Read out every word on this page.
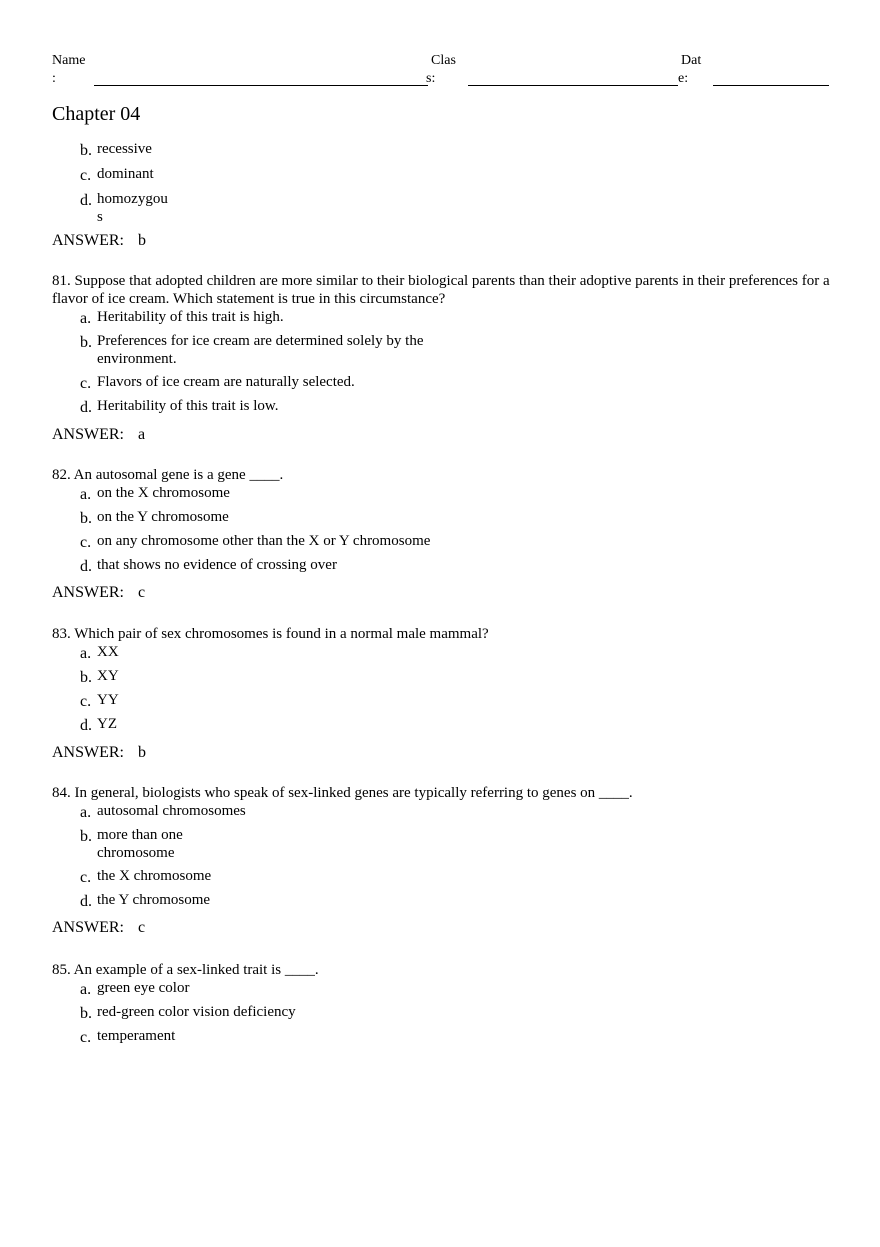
Name
:
Clas
s:
Dat
e:
Chapter 04
b. recessive
c. dominant
d. homozygou s
ANSWER: b

81. Suppose that adopted children are more similar to their biological parents than their adoptive parents in their preferences for a flavor of ice cream. Which statement is true in this circumstance?

a. Heritability of this trait is high.
b. Preferences for ice cream are determined solely by the environment.
c. Flavors of ice cream are naturally selected.
d. Heritability of this trait is low.
ANSWER: a

82. An autosomal gene is a gene ____.

a. on the X chromosome
b. on the Y chromosome
c. on any chromosome other than the X or Y chromosome
d. that shows no evidence of crossing over
ANSWER: c

83. Which pair of sex chromosomes is found in a normal male mammal?

a. XX
b. XY
c. YY
d. YZ
ANSWER: b

84. In general, biologists who speak of sex-linked genes are typically referring to genes on ____.

a. autosomal chromosomes
b. more than one chromosome
c. the X chromosome
d. the Y chromosome
ANSWER: c

85. An example of a sex-linked trait is ____.

a. green eye color
b. red-green color vision deficiency
c. temperament
